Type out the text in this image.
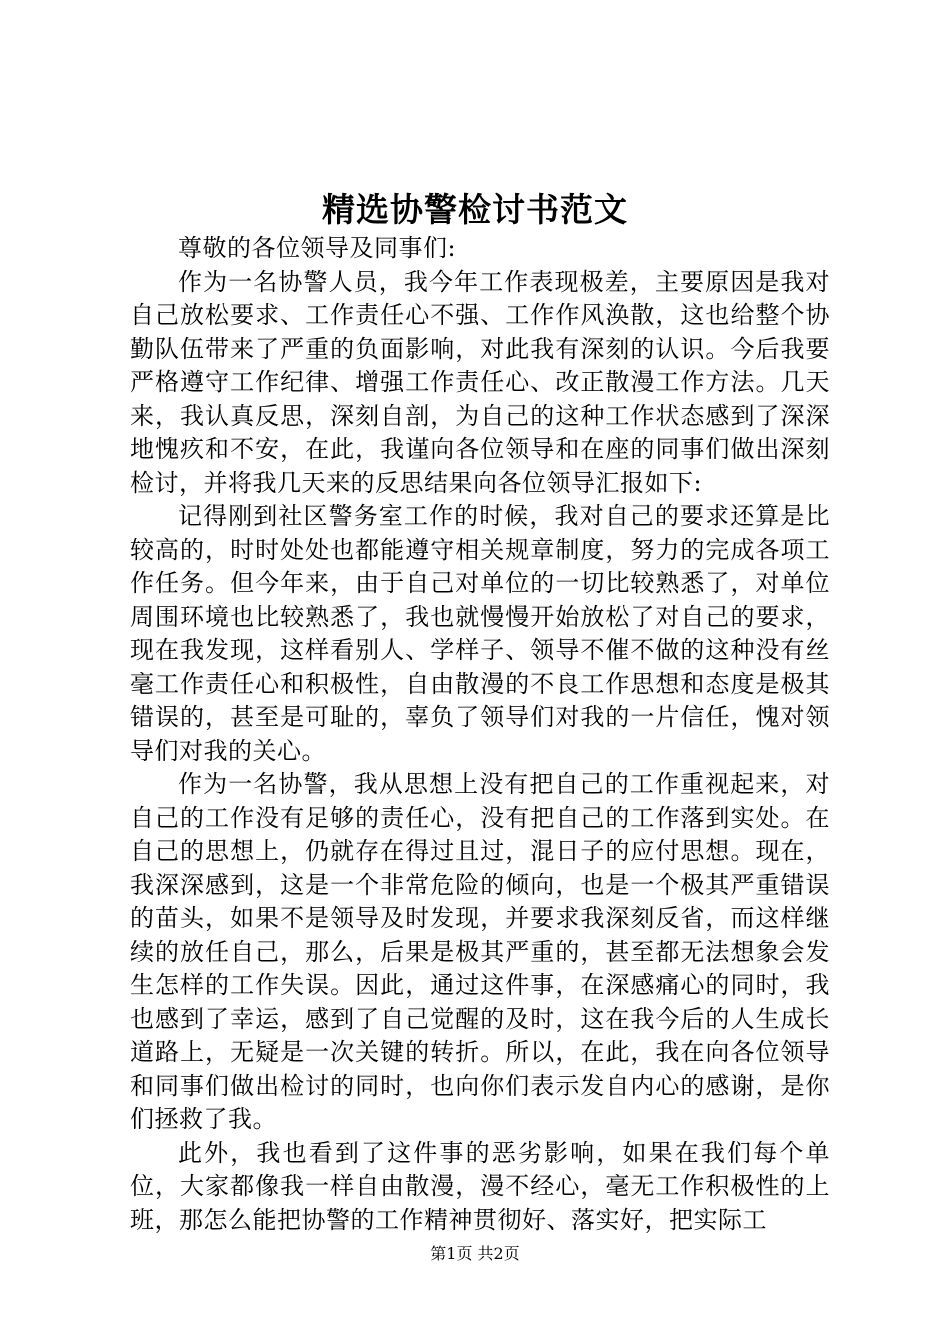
精选协警检讨书范文

尊敬的各位领导及同事们:

作为一名协警人员，我今年工作表现极差，主要原因是我对自己放松要求、工作责任心不强、工作作风涣散，这也给整个协勤队伍带来了严重的负面影响，对此我有深刻的认识。今后我要严格遵守工作纪律、增强工作责任心、改正散漫工作方法。几天来，我认真反思，深刻自剖，为自己的这种工作状态感到了深深地愧疚和不安，在此，我谨向各位领导和在座的同事们做出深刻检讨，并将我几天来的反思结果向各位领导汇报如下:

记得刚到社区警务室工作的时候，我对自己的要求还算是比较高的，时时处处也都能遵守相关规章制度，努力的完成各项工作任务。但今年来，由于自己对单位的一切比较熟悉了，对单位周围环境也比较熟悉了，我也就慢慢开始放松了对自己的要求，现在我发现，这样看别人、学样子、领导不催不做的这种没有丝毫工作责任心和积极性，自由散漫的不良工作思想和态度是极其错误的，甚至是可耻的，辜负了领导们对我的一片信任，愧对领导们对我的关心。

作为一名协警，我从思想上没有把自己的工作重视起来，对自己的工作没有足够的责任心，没有把自己的工作落到实处。在自己的思想上，仍就存在得过且过，混日子的应付思想。现在，我深深感到，这是一个非常危险的倾向，也是一个极其严重错误的苗头，如果不是领导及时发现，并要求我深刻反省，而这样继续的放任自己，那么，后果是极其严重的，甚至都无法想象会发生怎样的工作失误。因此，通过这件事，在深感痛心的同时，我也感到了幸运，感到了自己觉醒的及时，这在我今后的人生成长道路上，无疑是一次关键的转折。所以，在此，我在向各位领导和同事们做出检讨的同时，也向你们表示发自内心的感谢，是你们拯救了我。

此外，我也看到了这件事的恶劣影响，如果在我们每个单位，大家都像我一样自由散漫，漫不经心，毫无工作积极性的上班，那怎么能把协警的工作精神贯彻好、落实好，把实际工

第1页 共2页
